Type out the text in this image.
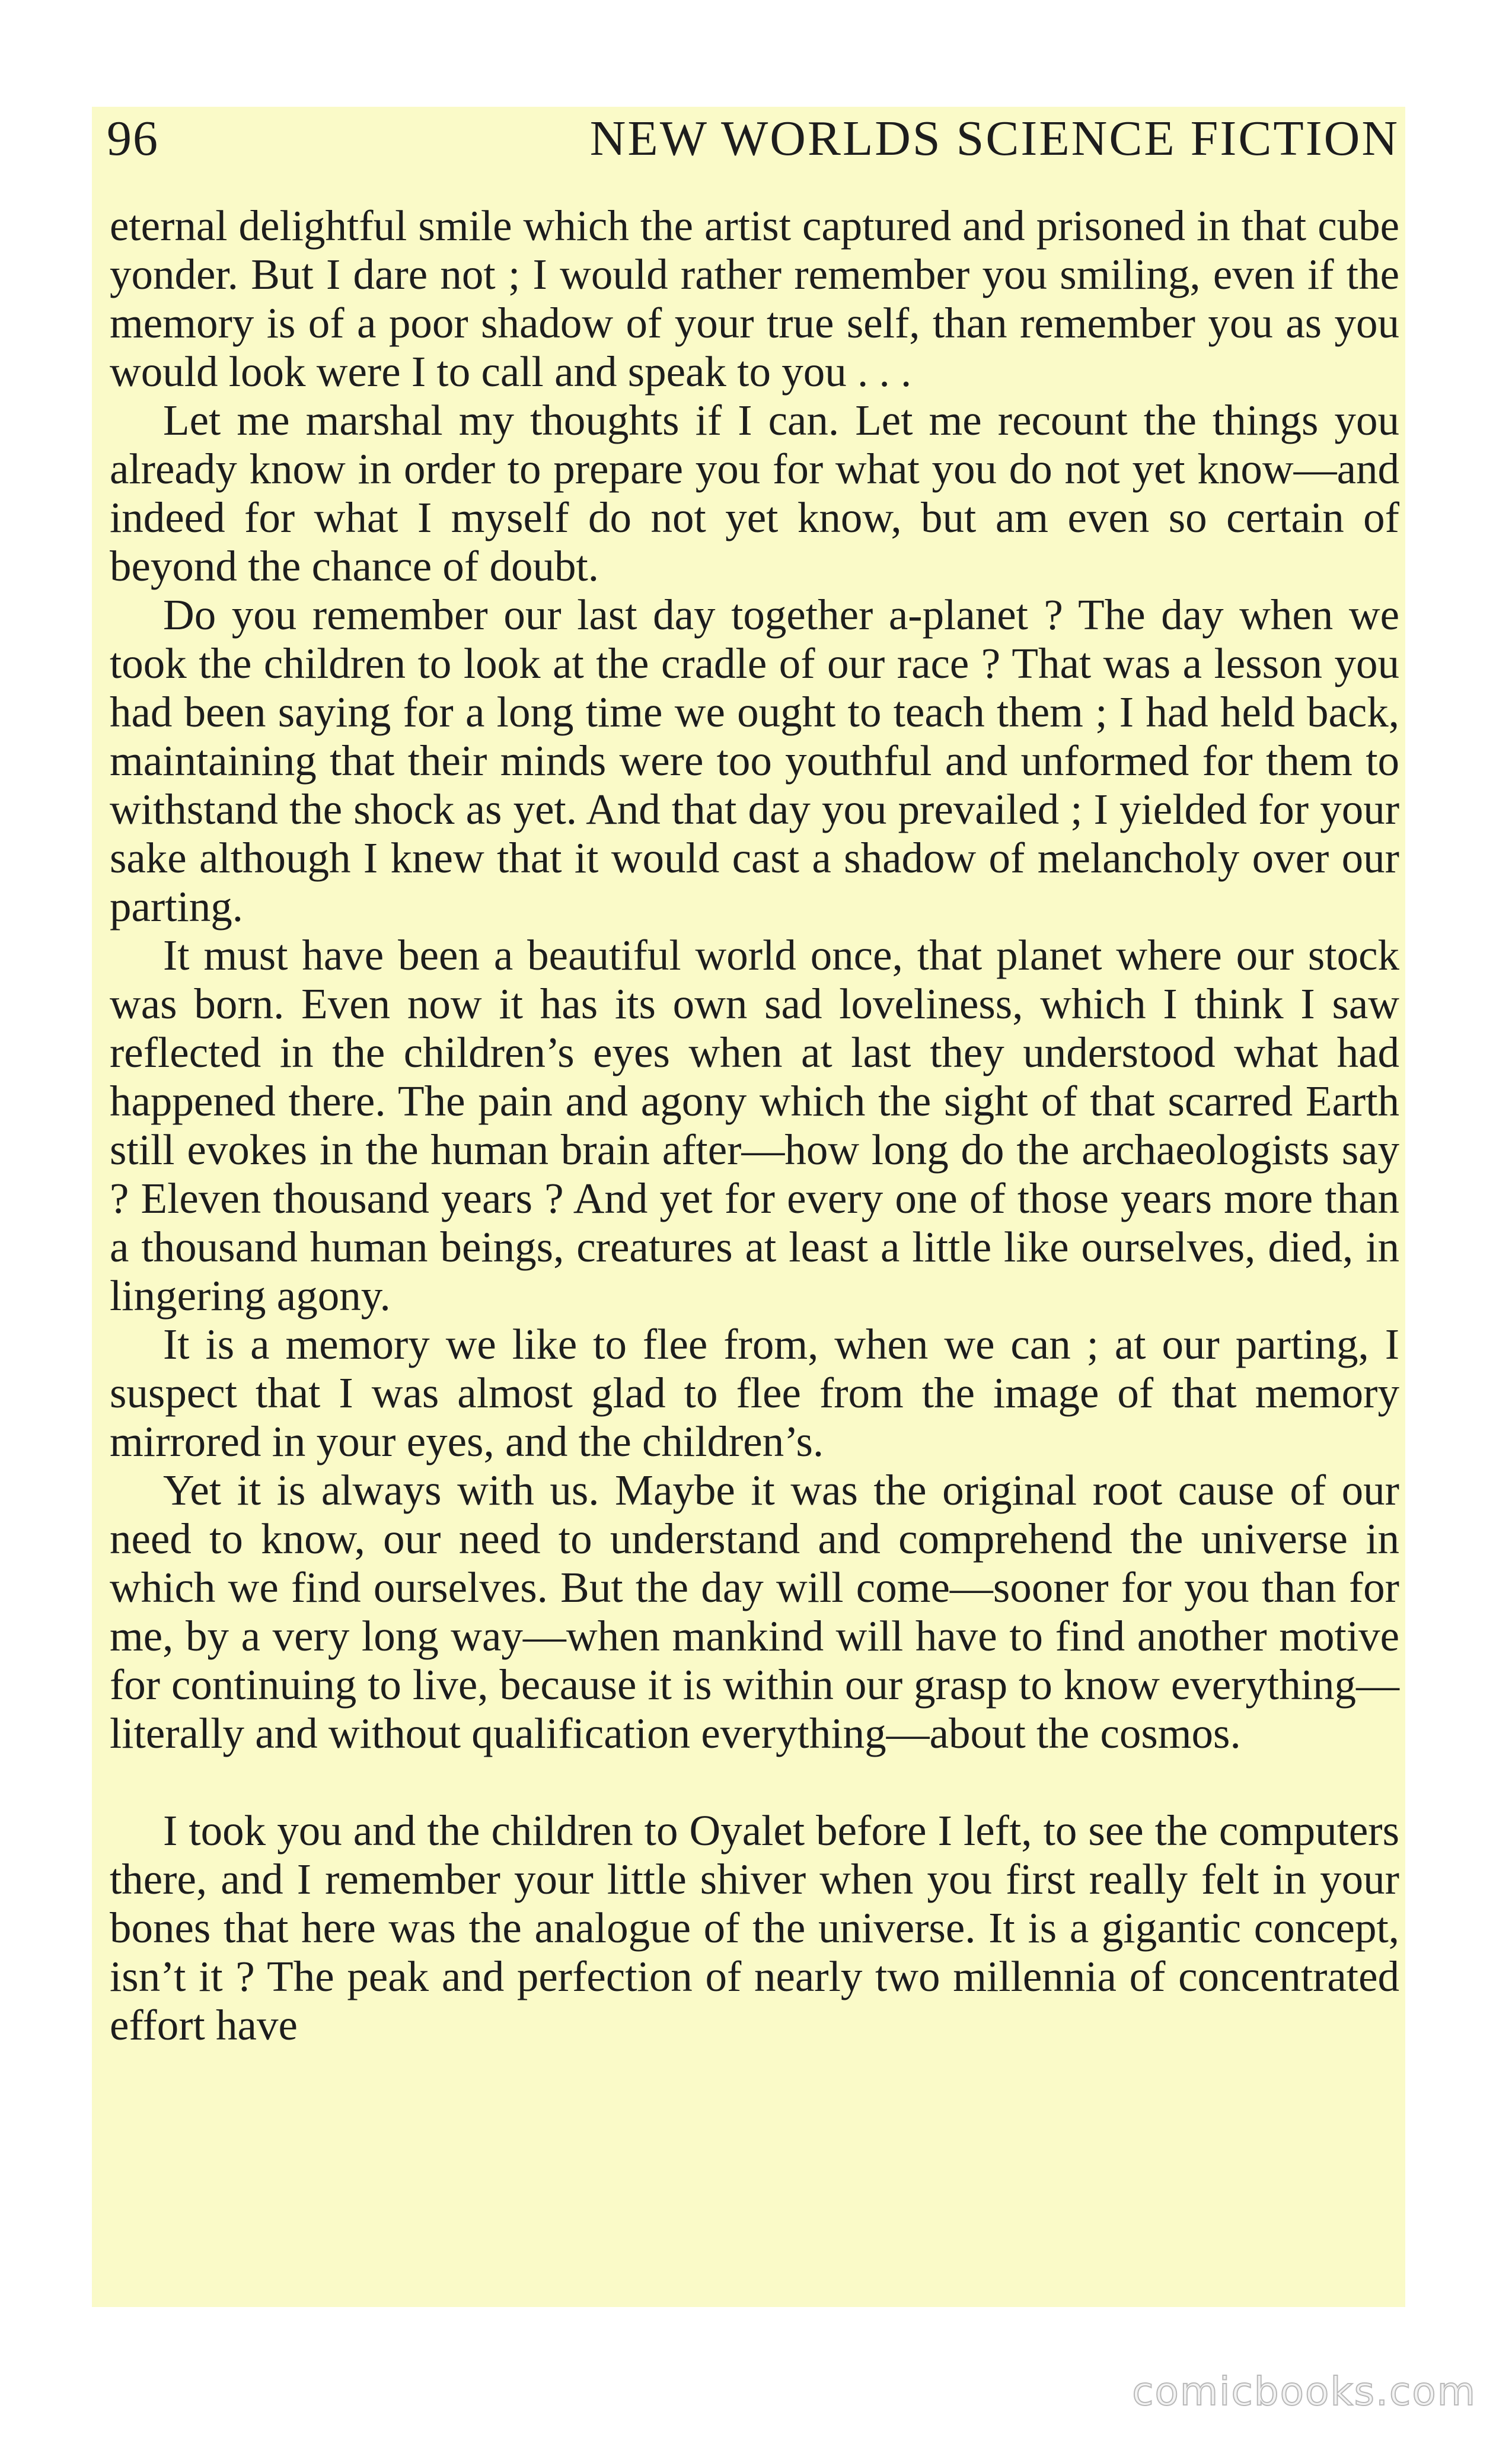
96	NEW WORLDS SCIENCE FICTION

eternal delightful smile which the artist captured and prisoned in that cube yonder. But I dare not ; I would rather remember you smiling, even if the memory is of a poor shadow of your true self, than remember you as you would look were I to call and speak to you . . .

Let me marshal my thoughts if I can. Let me recount the things you already know in order to prepare you for what you do not yet know—and indeed for what I myself do not yet know, but am even so certain of beyond the chance of doubt.

Do you remember our last day together a-planet ? The day when we took the children to look at the cradle of our race ? That was a lesson you had been saying for a long time we ought to teach them ; I had held back, maintaining that their minds were too youthful and unformed for them to withstand the shock as yet. And that day you prevailed ; I yielded for your sake although I knew that it would cast a shadow of melancholy over our parting.

It must have been a beautiful world once, that planet where our stock was born. Even now it has its own sad loveliness, which I think I saw reflected in the children’s eyes when at last they understood what had happened there. The pain and agony which the sight of that scarred Earth still evokes in the human brain after—how long do the archaeologists say ? Eleven thousand years ? And yet for every one of those years more than a thousand human beings, creatures at least a little like ourselves, died, in lingering agony.

It is a memory we like to flee from, when we can ; at our parting, I suspect that I was almost glad to flee from the image of that memory mirrored in your eyes, and the children’s.

Yet it is always with us. Maybe it was the original root cause of our need to know, our need to understand and comprehend the universe in which we find ourselves. But the day will come—sooner for you than for me, by a very long way—when mankind will have to find another motive for continuing to live, because it is within our grasp to know everything—literally and without qualification everything—about the cosmos.

I took you and the children to Oyalet before I left, to see the computers there, and I remember your little shiver when you first really felt in your bones that here was the analogue of the universe. It is a gigantic concept, isn’t it ? The peak and perfection of nearly two millennia of concentrated effort have

comicbooks.com
